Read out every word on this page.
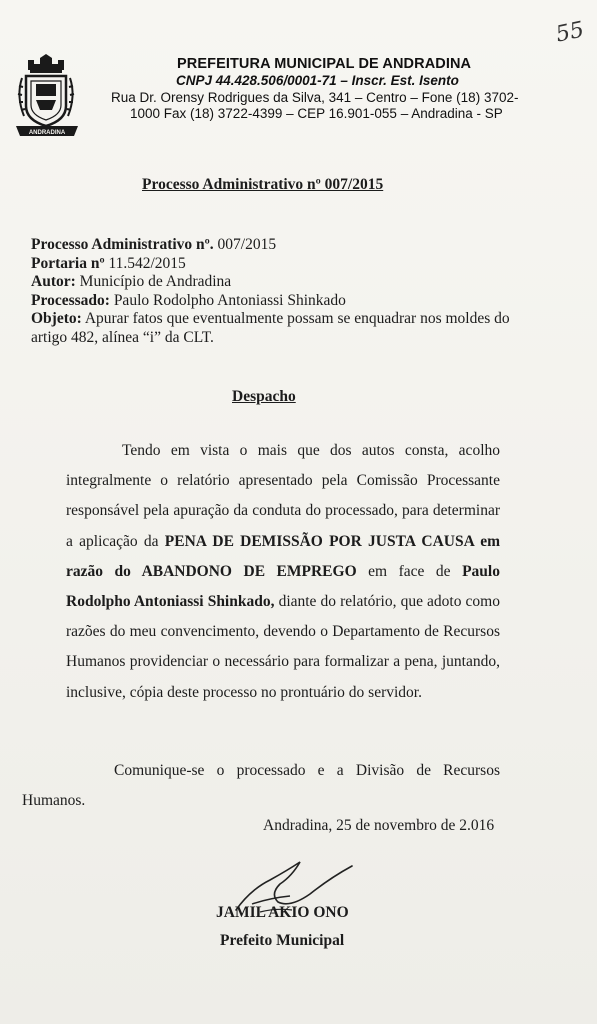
ANDRADINA
55
PREFEITURA MUNICIPAL DE ANDRADINA
CNPJ 44.428.506/0001-71 – Inscr. Est. Isento
Rua Dr. Orensy Rodrigues da Silva, 341 – Centro – Fone (18) 3702-
1000 Fax (18) 3722-4399 – CEP 16.901-055 – Andradina - SP
Processo Administrativo nº 007/2015
Processo Administrativo nº. 007/2015
Portaria nº 11.542/2015
Autor: Município de Andradina
Processado: Paulo Rodolpho Antoniassi Shinkado
Objeto: Apurar fatos que eventualmente possam se enquadrar nos moldes do artigo 482, alínea “i” da CLT.
Despacho
Tendo em vista o mais que dos autos consta, acolho integralmente o relatório apresentado pela Comissão Processante responsável pela apuração da conduta do processado, para determinar a aplicação da PENA DE DEMISSÃO POR JUSTA CAUSA em razão do ABANDONO DE EMPREGO em face de Paulo Rodolpho Antoniassi Shinkado, diante do relatório, que adoto como razões do meu convencimento, devendo o Departamento de Recursos Humanos providenciar o necessário para formalizar a pena, juntando, inclusive, cópia deste processo no prontuário do servidor.
Comunique-se o processado e a Divisão de Recursos Humanos.
Andradina, 25 de novembro de 2.016
JAMIL AKIO ONO
Prefeito Municipal
